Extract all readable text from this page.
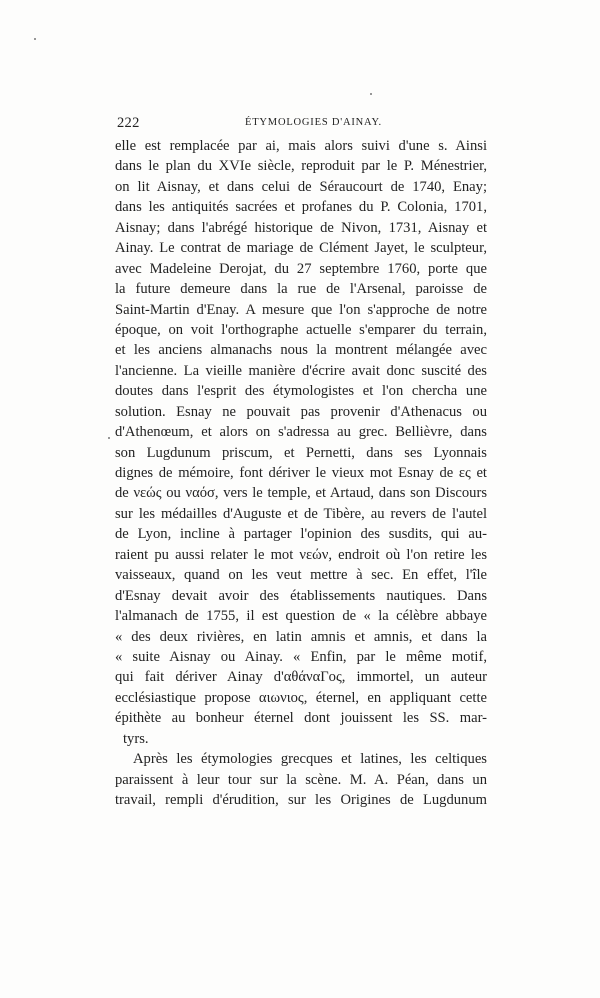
222	ÉTYMOLOGIES D'AINAY.
elle est remplacée par ai, mais alors suivi d'une s. Ainsi
dans le plan du XVIe siècle, reproduit par le P. Ménestrier,
on lit Aisnay, et dans celui de Séraucourt de 1740, Enay;
dans les antiquités sacrées et profanes du P. Colonia, 1701,
Aisnay; dans l'abrégé historique de Nivon, 1731, Aisnay et
Ainay. Le contrat de mariage de Clément Jayet, le sculpteur,
avec Madeleine Derojat, du 27 septembre 1760, porte que
la future demeure dans la rue de l'Arsenal, paroisse de
Saint-Martin d'Enay. A mesure que l'on s'approche de notre
époque, on voit l'orthographe actuelle s'emparer du terrain,
et les anciens almanachs nous la montrent mélangée avec
l'ancienne. La vieille manière d'écrire avait donc suscité des
doutes dans l'esprit des étymologistes et l'on chercha une
solution. Esnay ne pouvait pas provenir d'Athenacus ou
d'Athenœum, et alors on s'adressa au grec. Bellièvre, dans
son Lugdunum priscum, et Pernetti, dans ses Lyonnais
dignes de mémoire, font dériver le vieux mot Esnay de ες et
de νεώς ou ναόσ, vers le temple, et Artaud, dans son Discours
sur les médailles d'Auguste et de Tibère, au revers de l'autel
de Lyon, incline à partager l'opinion des susdits, qui au-
raient pu aussi relater le mot νεών, endroit où l'on retire les
vaisseaux, quand on les veut mettre à sec. En effet, l'île
d'Esnay devait avoir des établissements nautiques. Dans
l'almanach de 1755, il est question de « la célèbre abbaye
« des deux rivières, en latin amnis et amnis, et dans la
« suite Aisnay ou Ainay. « Enfin, par le même motif,
qui fait dériver Ainay d'αθάναΓος, immortel, un auteur
ecclésiastique propose αιωνιος, éternel, en appliquant cette
épithète au bonheur éternel dont jouissent les SS. mar-
tyrs.
Après les étymologies grecques et latines, les celtiques
paraissent à leur tour sur la scène. M. A. Péan, dans un
travail, rempli d'érudition, sur les Origines de Lugdunum
